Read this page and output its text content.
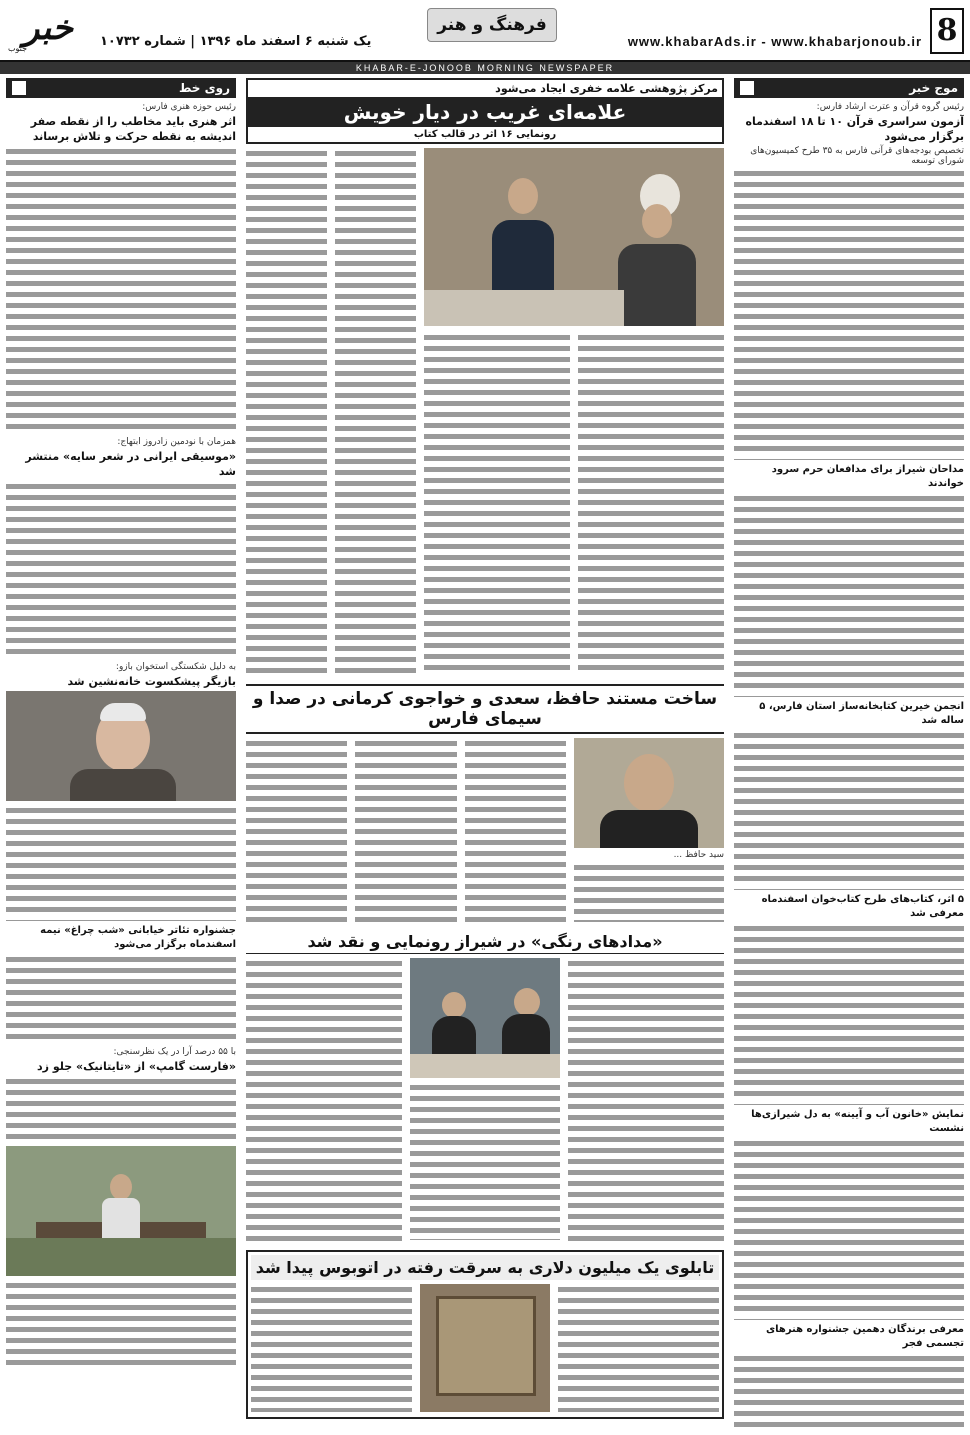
8
www.khabarAds.ir - www.khabarjonoub.ir
فرهنگ و هنر
یک شنبه ۶ اسفند ماه ۱۳۹۶ | شماره ۱۰۷۳۲
خبر
جنوب
KHABAR-E-JONOOB MORNING NEWSPAPER
موج خبر
رئیس گروه قرآن و عترت ارشاد فارس:
آزمون سراسری قرآن ۱۰ تا ۱۸ اسفندماه برگزار می‌شود
تخصیص بودجه‌های قرآنی فارس به ۳۵ طرح کمیسیون‌های شورای توسعه
مداحان شیراز برای مدافعان حرم سرود خواندند
انجمن خیرین کتابخانه‌ساز استان فارس، ۵ ساله شد
۵ اثر، کتاب‌های طرح کتاب‌خوان اسفندماه معرفی شد
نمایش «خانون آب و آیینه» به دل شیرازی‌ها نشست
معرفی برندگان دهمین جشنواره هنرهای تجسمی فجر
مرکز پژوهشی علامه خفری ایجاد می‌شود
علامه‌ای غریب در دیار خویش
رونمایی ۱۶ اثر در قالب کتاب
ساخت مستند حافظ، سعدی و خواجوی کرمانی در صدا و سیمای فارس
سید حافظ ...
«مدادهای رنگی» در شیراز رونمایی و نقد شد
تابلوی یک میلیون دلاری به سرقت رفته در اتوبوس پیدا شد
روی خط
رئیس حوزه هنری فارس:
اثر هنری باید مخاطب را از نقطه صفر اندیشه به نقطه حرکت و تلاش برساند
همزمان با نودمین زادروز ابتهاج:
«موسیقی ایرانی در شعر سایه» منتشر شد
به دلیل شکستگی استخوان بازو:
بازیگر پیشکسوت خانه‌نشین شد
جشنواره تئاتر خیابانی «شب چراغ» نیمه اسفندماه برگزار می‌شود
با ۵۵ درصد آرا در یک نظرسنجی:
«فارست گامپ» از «تایتانیک» جلو زد
